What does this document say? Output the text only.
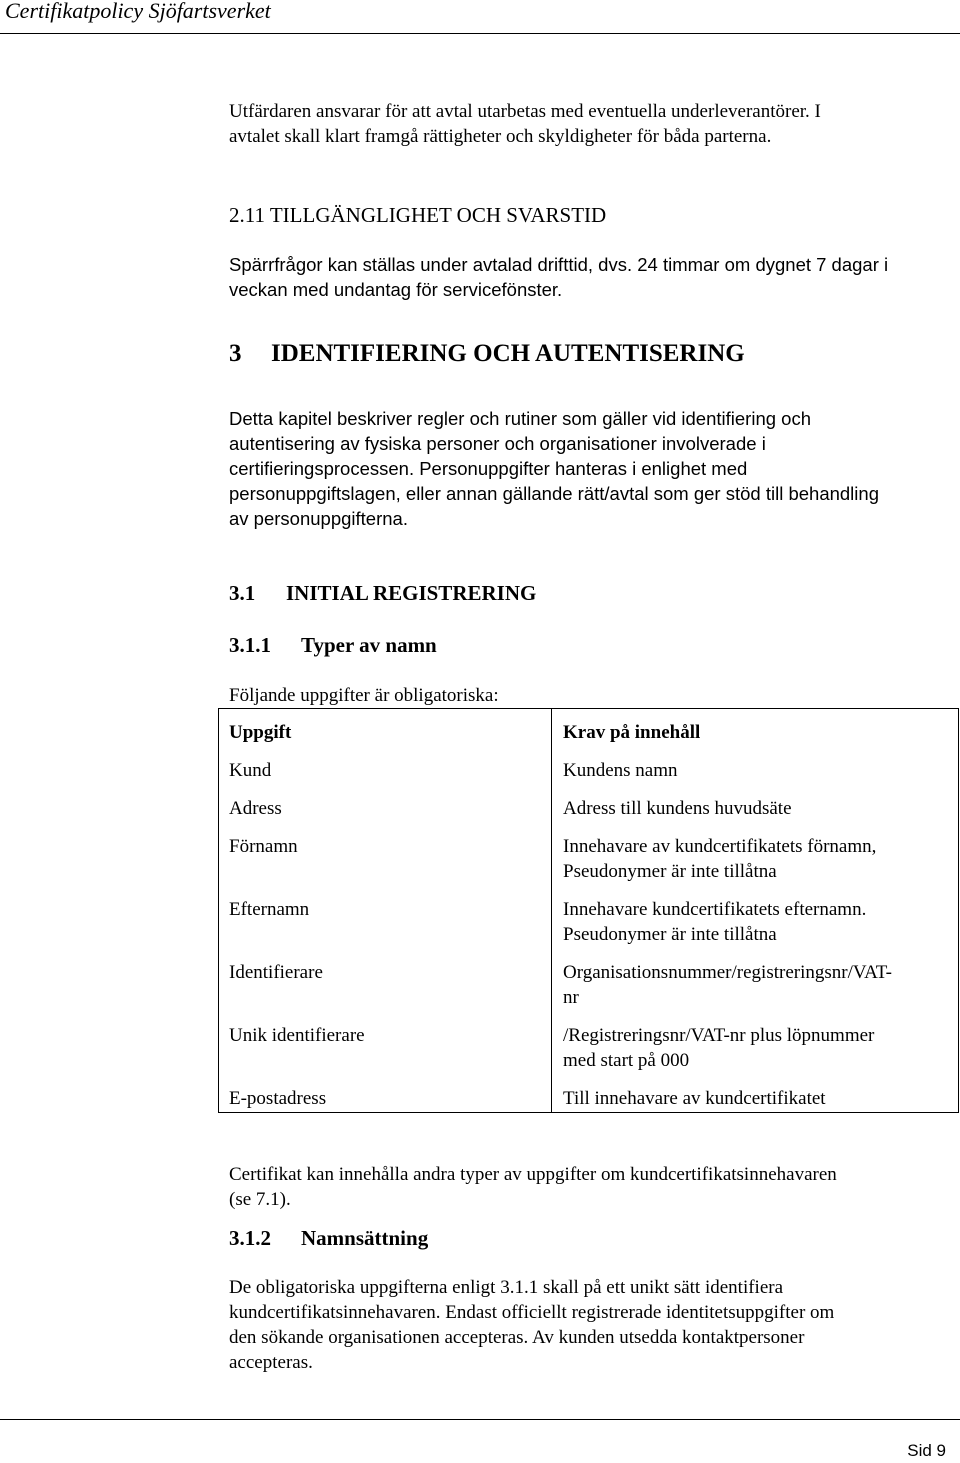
Certifikatpolicy Sjöfartsverket
Utfärdaren ansvarar för att avtal utarbetas med eventuella underleverantörer. I
avtalet skall klart framgå rättigheter och skyldigheter för båda parterna.
2.11 TILLGÄNGLIGHET OCH SVARSTID
Spärrfrågor kan ställas under avtalad drifttid, dvs. 24 timmar om dygnet 7 dagar i
veckan med undantag för servicefönster.
3 IDENTIFIERING OCH AUTENTISERING
Detta kapitel beskriver regler och rutiner som gäller vid identifiering och
autentisering av fysiska personer och organisationer involverade i
certifieringsprocessen. Personuppgifter hanteras i enlighet med
personuppgiftslagen, eller annan gällande rätt/avtal som ger stöd till behandling
av personuppgifterna.
3.1 INITIAL REGISTRERING
3.1.1 Typer av namn
Följande uppgifter är obligatoriska:
Uppgift	Krav på innehåll
Kund	Kundens namn
Adress	Adress till kundens huvudsäte
Förnamn	Innehavare av kundcertifikatets förnamn,
Pseudonymer är inte tillåtna
Efternamn	Innehavare kundcertifikatets efternamn.
Pseudonymer är inte tillåtna
Identifierare	Organisationsnummer/registreringsnr/VAT-
nr
Unik identifierare	/Registreringsnr/VAT-nr plus löpnummer
med start på 000
E-postadress	Till innehavare av kundcertifikatet
Certifikat kan innehålla andra typer av uppgifter om kundcertifikatsinnehavaren
(se 7.1).
3.1.2 Namnsättning
De obligatoriska uppgifterna enligt 3.1.1 skall på ett unikt sätt identifiera
kundcertifikatsinnehavaren. Endast officiellt registrerade identitetsuppgifter om
den sökande organisationen accepteras. Av kunden utsedda kontaktpersoner
accepteras.
Sid 9
